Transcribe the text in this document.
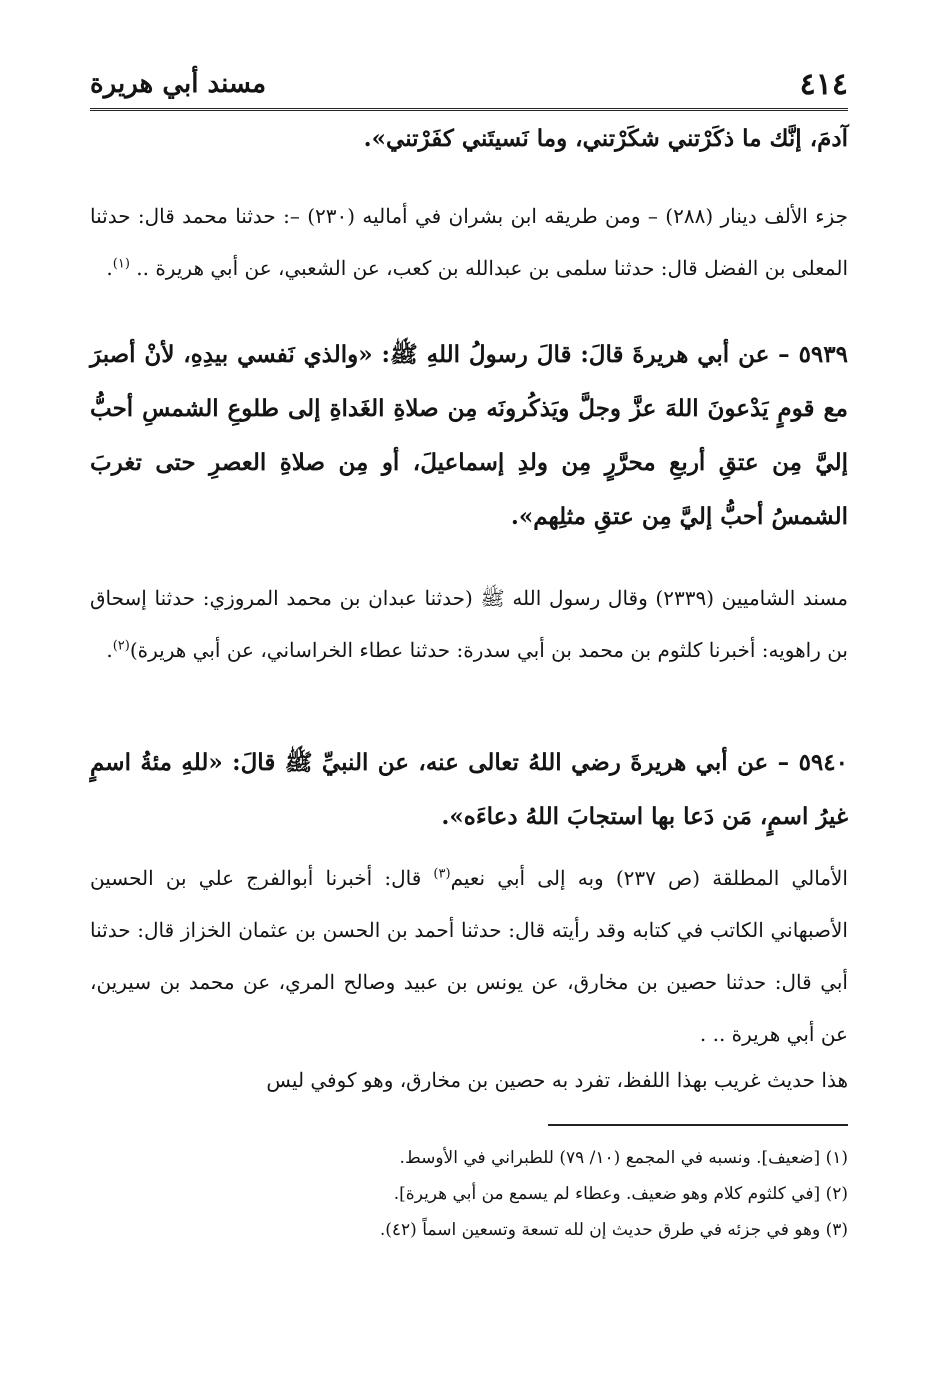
٤١٤
مسند أبي هريرة

آدمَ، إنَّك ما ذكَرْتني شكَرْتني، وما نَسيتَني كفَرْتني».

جزء الألف دينار (٢٨٨) – ومن طريقه ابن بشران في أماليه (٢٣٠) –: حدثنا محمد قال: حدثنا المعلى بن الفضل قال: حدثنا سلمى بن عبدالله بن كعب، عن الشعبي، عن أبي هريرة .. $^{(١)}$.

٥٩٣٩ – عن أبي هريرةَ قالَ: قالَ رسولُ اللهِ ﷺ: «والذي نَفسي بيدِهِ، لأنْ أصبرَ مع قومٍ يَدْعونَ اللهَ عزَّ وجلَّ ويَذكُرونَه مِن صلاةِ الغَداةِ إلى طلوعِ الشمسِ أحبُّ إليَّ مِن عتقِ أربعِ محرَّرٍ مِن ولدِ إسماعيلَ، أو مِن صلاةِ العصرِ حتى تغربَ الشمسُ أحبُّ إليَّ مِن عتقِ مثلِهم».

مسند الشاميين (٢٣٣٩) وقال رسول الله ﷺ (حدثنا عبدان بن محمد المروزي: حدثنا إسحاق بن راهويه: أخبرنا كلثوم بن محمد بن أبي سدرة: حدثنا عطاء الخراساني، عن أبي هريرة)$^{(٢)}$.

٥٩٤٠ – عن أبي هريرةَ رضي اللهُ تعالى عنه، عن النبيِّ ﷺ قالَ: «للهِ مئةُ اسمٍ غيرُ اسمٍ، مَن دَعا بها استجابَ اللهُ دعاءَه».

الأمالي المطلقة (ص ٢٣٧) وبه إلى أبي نعيم$^{(٣)}$ قال: أخبرنا أبوالفرج علي بن الحسين الأصبهاني الكاتب في كتابه وقد رأيته قال: حدثنا أحمد بن الحسن بن عثمان الخزاز قال: حدثنا أبي قال: حدثنا حصين بن مخارق، عن يونس بن عبيد وصالح المري، عن محمد بن سيرين، عن أبي هريرة .. .

هذا حديث غريب بهذا اللفظ، تفرد به حصين بن مخارق، وهو كوفي ليس

(١) [ضعيف]. ونسبه في المجمع (١٠/ ٧٩) للطبراني في الأوسط.
(٢) [في كلثوم كلام وهو ضعيف. وعطاء لم يسمع من أبي هريرة].
(٣) وهو في جزئه في طرق حديث إن لله تسعة وتسعين اسماً (٤٢).
